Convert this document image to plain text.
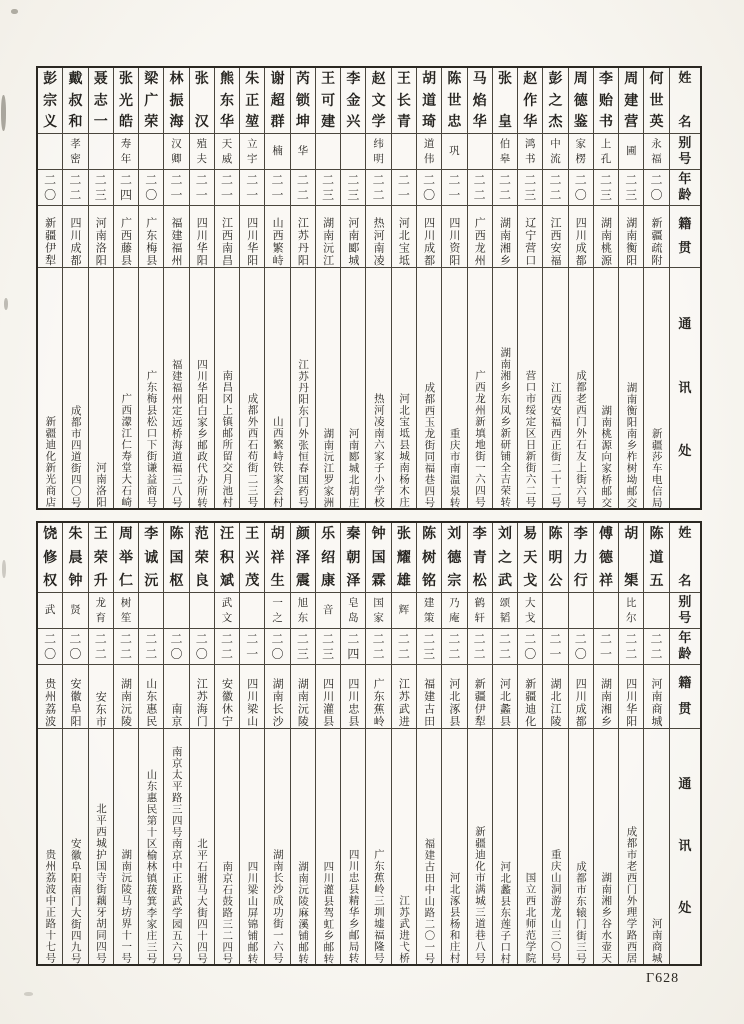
姓
名
别
号
年
龄
籍
贯
通
讯
处
何
世
英
永
福
二
〇
新疆疏附
新疆莎车电信局
周
建
营
圃
二
三
湖南衡阳
湖南衡阳南乡柞树坳邮交
李
贻
书
上
孔
二
三
湖南桃源
湖南桃源向家桥邮交
周
德
鉴
家
楞
二
〇
四川成都
成都老西门外石友上街六号
彭
之
杰
中
流
二
二
江西安福
江西安福西正街二十二号
赵
作
华
鸿
书
二
三
辽宁营口
营口市绥定区日新街六二号
张
皇
伯
皋
二
二
湖南湘乡
湖南湘乡东凤乡新研铺全吉荣转
马
焰
华
二
二
广西龙州
广西龙州新填地街一六四号
陈
世
忠
巩
二
一
四川资阳
重庆市南温泉转
胡
道
琦
道
伟
二
〇
四川成都
成都西玉龙街同福巷四号
王
长
青
二
一
河北宝坻
河北宝坻县城南杨木庄
赵
文
学
纬
明
二
二
热河南凌
热河凌南六家子小学校
李
金
兴
二
三
河南郾城
河南郾城北胡庄
王
可
建
二
三
湖南沅江
湖南沅江罗家洲
芮
锁
坤
华
二
二
江苏丹阳
江苏丹阳东门外张恒春国药号
谢
超
群
楠
二
一
山西繁峙
山西繁峙铁家会村
朱
正
堃
立
宇
二
一
四川华阳
成都外西石苟街二三号
熊
东
华
天
威
二
一
江西南昌
南昌冈上镇邮所留交月池村
张
汉
殖
夫
二
一
四川华阳
四川华阳白家乡邮政代办所转
林
振
海
汉
卿
二
一
福建福州
福建福州定远桥海道福三八号
梁
广
荣
二
〇
广东梅县
广东梅县松口下街谦益商号
张
光
皓
寿
年
二
四
广西藤县
广西濛江仁寿堂大石崎
聂
志
一
二
三
河南洛阳
河南洛阳
戴
叔
和
孝
密
二
二
四川成都
成都市四道街四〇号
彭
宗
义
二
〇
新疆伊犁
新疆迪化新光商店
姓
名
别
号
年
龄
籍
贯
通
讯
处
陈
道
五
二
二
河南商城
河南商城
胡
榘
比
尔
二
二
四川华阳
成都市老西门外理学路西居
傅
德
祥
二
一
湖南湘乡
湖南湘乡谷水壶天
李
力
行
二
〇
四川成都
成都市东辕门街三号
陈
明
公
二
一
湖北江陵
重庆山洞游龙山三〇号
易
天
戈
大
戈
二
〇
新疆迪化
国立西北师范学院
刘
之
武
颂
韬
二
二
河北蠡县
河北蠡县东莲子口村
李
青
松
鹤
轩
二
二
新疆伊犁
新疆迪化市满城三道巷八号
刘
德
宗
乃
庵
二
二
河北涿县
河北涿县杨和庄村
陈
树
铭
建
策
二
三
福建古田
福建古田中山路二〇一号
张
耀
雄
辉
二
二
江苏武进
江苏武进弋桥
钟
国
霖
国
家
二
二
广东蕉岭
广东蕉岭三圳墟福隆号
秦
朝
泽
皂
岛
二
四
四川忠县
四川忠县精华乡邮局转
乐
绍
康
音
二
三
四川灌县
四川灌县驾虹乡邮转
颜
泽
震
旭
东
二
三
湖南沅陵
湖南沅陵麻溪铺邮转
胡
祥
生
一
之
二
〇
湖南长沙
湖南长沙成功街一六号
王
兴
茂
二
一
四川梁山
四川梁山屏锦铺邮转
汪
积
斌
武
文
二
二
安徽休宁
南京石鼓路三二四号
范
荣
良
二
〇
江苏海门
北平石驸马大街四十四号
陈
国
枢
二
〇
南京
南京太平路三四号南京中正路武学园五六号
李
诚
沅
二
二
山东惠民
山东惠民第十区榆林镇菝箕李家庄三号
周
举
仁
树
笙
二
二
湖南沅陵
湖南沅陵马坊界十一号
王
荣
升
龙
育
二
二
安东市
北平西城护国寺街藕牙胡同四号
朱
晨
钟
贤
二
〇
安徽阜阳
安徽阜阳南门大街四九号
饶
修
权
武
二
〇
贵州荔波
贵州荔波中正路十七号
Γ628
